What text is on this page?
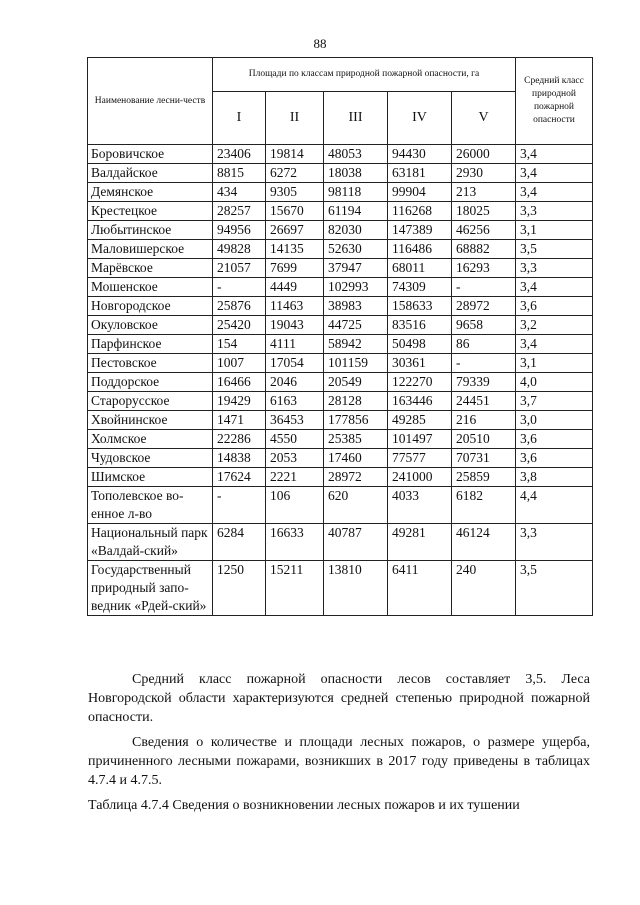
88
Наименование лесни-честв	Площади по классам природной пожарной опасности, га					Средний класс природной пожарной опасности
	I	II	III	IV	V	
Боровичское	23406	19814	48053	94430	26000	3,4
Валдайское	8815	6272	18038	63181	2930	3,4
Демянское	434	9305	98118	99904	213	3,4
Крестецкое	28257	15670	61194	116268	18025	3,3
Любытинское	94956	26697	82030	147389	46256	3,1
Маловишерское	49828	14135	52630	116486	68882	3,5
Марёвское	21057	7699	37947	68011	16293	3,3
Мошенское	-	4449	102993	74309	-	3,4
Новгородское	25876	11463	38983	158633	28972	3,6
Окуловское	25420	19043	44725	83516	9658	3,2
Парфинское	154	4111	58942	50498	86	3,4
Пестовское	1007	17054	101159	30361	-	3,1
Поддорское	16466	2046	20549	122270	79339	4,0
Старорусское	19429	6163	28128	163446	24451	3,7
Хвойнинское	1471	36453	177856	49285	216	3,0
Холмское	22286	4550	25385	101497	20510	3,6
Чудовское	14838	2053	17460	77577	70731	3,6
Шимское	17624	2221	28972	241000	25859	3,8
Тополевское во-енное л-во	-	106	620	4033	6182	4,4
Национальный парк «Валдай-ский»	6284	16633	40787	49281	46124	3,3
Государственный природный запо-ведник «Рдей-ский»	1250	15211	13810	6411	240	3,5

Средний класс пожарной опасности лесов составляет 3,5. Леса Новгородской области характеризуются средней степенью природной пожарной опасности.

Сведения о количестве и площади лесных пожаров, о размере ущерба, причиненного лесными пожарами, возникших в 2017 году приведены в таблицах 4.7.4 и 4.7.5.

Таблица 4.7.4 Сведения о возникновении лесных пожаров и их тушении
